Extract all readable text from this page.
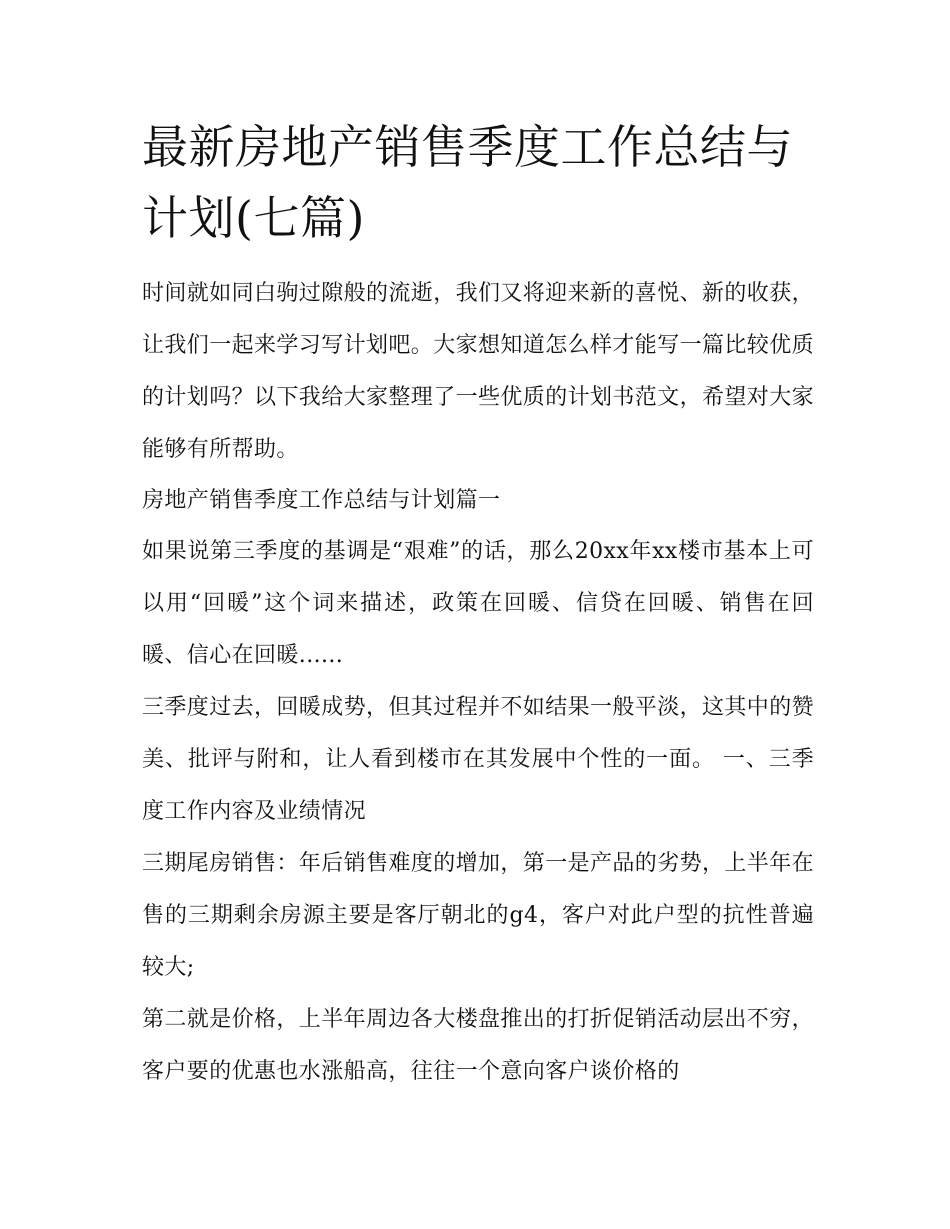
最新房地产销售季度工作总结与计划(七篇)

时间就如同白驹过隙般的流逝，我们又将迎来新的喜悦、新的收获，让我们一起来学习写计划吧。大家想知道怎么样才能写一篇比较优质的计划吗？以下我给大家整理了一些优质的计划书范文，希望对大家能够有所帮助。

房地产销售季度工作总结与计划篇一

如果说第三季度的基调是“艰难”的话，那么20xx年xx楼市基本上可以用“回暖”这个词来描述，政策在回暖、信贷在回暖、销售在回暖、信心在回暖......

三季度过去，回暖成势，但其过程并不如结果一般平淡，这其中的赞美、批评与附和，让人看到楼市在其发展中个性的一面。 一、三季度工作内容及业绩情况

三期尾房销售：年后销售难度的增加，第一是产品的劣势，上半年在售的三期剩余房源主要是客厅朝北的g4，客户对此户型的抗性普遍较大;

第二就是价格，上半年周边各大楼盘推出的打折促销活动层出不穷，客户要的优惠也水涨船高，往往一个意向客户谈价格的
